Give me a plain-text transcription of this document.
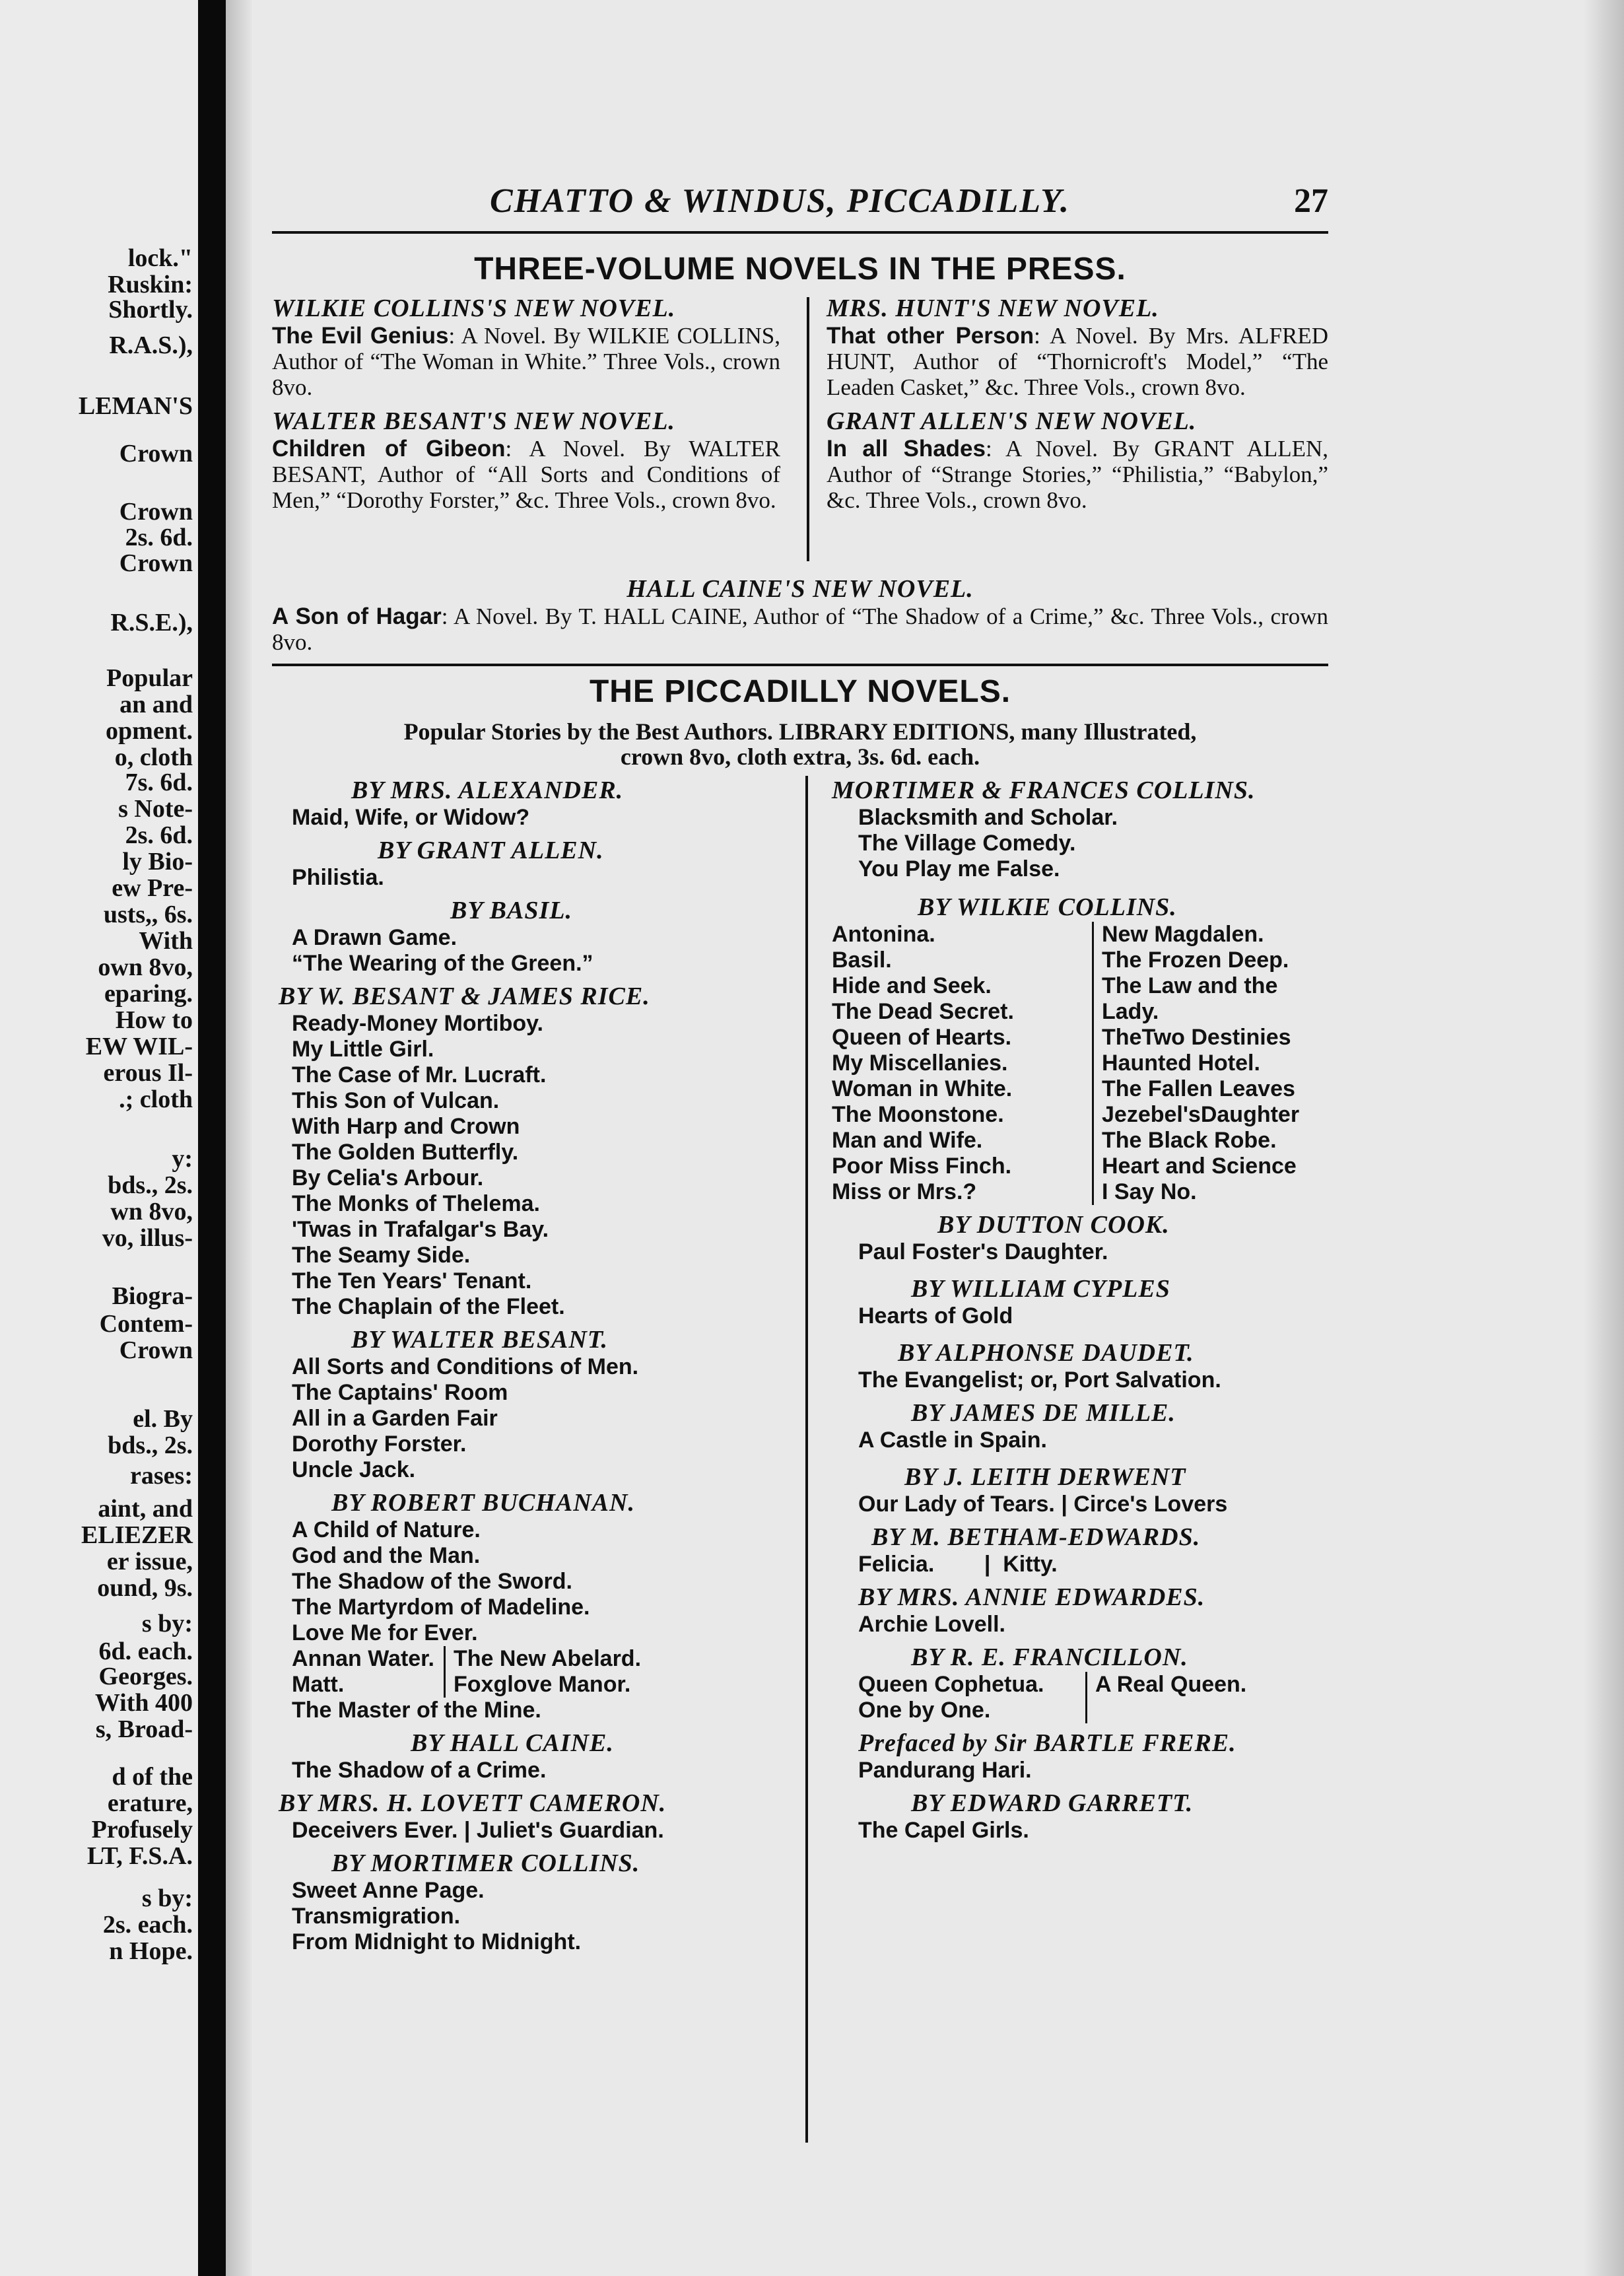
lock."
Ruskin:
Shortly.
R.A.S.),
LEMAN'S
Crown
Crown
2s. 6d.
Crown
R.S.E.),
Popular
an and
opment.
o, cloth
7s. 6d.
s Note-
2s. 6d.
ly Bio-
ew Pre-
usts,, 6s.
With
own 8vo,
eparing.
How to
EW WIL-
erous Il-
.; cloth
y:
bds., 2s.
wn 8vo,
vo, illus-
Biogra-
Contem-
Crown
el. By
bds., 2s.
rases:
aint, and
ELIEZER
er issue,
ound, 9s.
s by:
6d. each.
Georges.
With 400
s, Broad-
d of the
erature,
Profusely
LT, F.S.A.
s by:
2s. each.
n Hope.
CHATTO & WINDUS, PICCADILLY.	27
THREE-VOLUME NOVELS IN THE PRESS.
WILKIE COLLINS'S NEW NOVEL.
The Evil Genius: A Novel. By WILKIE COLLINS, Author of “The Woman in White.” Three Vols., crown 8vo.
WALTER BESANT'S NEW NOVEL.
Children of Gibeon: A Novel. By WALTER BESANT, Author of “All Sorts and Conditions of Men,” “Dorothy Forster,” &c. Three Vols., crown 8vo.
MRS. HUNT'S NEW NOVEL.
That other Person: A Novel. By Mrs. ALFRED HUNT, Author of “Thornicroft's Model,” “The Leaden Casket,” &c. Three Vols., crown 8vo.
GRANT ALLEN'S NEW NOVEL.
In all Shades: A Novel. By GRANT ALLEN, Author of “Strange Stories,” “Philistia,” “Babylon,” &c. Three Vols., crown 8vo.
HALL CAINE'S NEW NOVEL.
A Son of Hagar: A Novel. By T. HALL CAINE, Author of “The Shadow of a Crime,” &c. Three Vols., crown 8vo.
THE PICCADILLY NOVELS.
Popular Stories by the Best Authors. LIBRARY EDITIONS, many Illustrated,
crown 8vo, cloth extra, 3s. 6d. each.
BY MRS. ALEXANDER.
Maid, Wife, or Widow?
BY GRANT ALLEN.
Philistia.
BY BASIL.
A Drawn Game.
“The Wearing of the Green.”
BY W. BESANT & JAMES RICE.
Ready-Money Mortiboy.
My Little Girl.
The Case of Mr. Lucraft.
This Son of Vulcan.
With Harp and Crown
The Golden Butterfly.
By Celia's Arbour.
The Monks of Thelema.
'Twas in Trafalgar's Bay.
The Seamy Side.
The Ten Years' Tenant.
The Chaplain of the Fleet.
BY WALTER BESANT.
All Sorts and Conditions of Men.
The Captains' Room
All in a Garden Fair
Dorothy Forster.
Uncle Jack.
BY ROBERT BUCHANAN.
A Child of Nature.
God and the Man.
The Shadow of the Sword.
The Martyrdom of Madeline.
Love Me for Ever.
Annan Water.
Matt.
The New Abelard.
Foxglove Manor.
The Master of the Mine.
BY HALL CAINE.
The Shadow of a Crime.
BY MRS. H. LOVETT CAMERON.
Deceivers Ever. | Juliet's Guardian.
BY MORTIMER COLLINS.
Sweet Anne Page.
Transmigration.
From Midnight to Midnight.
MORTIMER & FRANCES COLLINS.
Blacksmith and Scholar.
The Village Comedy.
You Play me False.
BY WILKIE COLLINS.
Antonina.
Basil.
Hide and Seek.
The Dead Secret.
Queen of Hearts.
My Miscellanies.
Woman in White.
The Moonstone.
Man and Wife.
Poor Miss Finch.
Miss or Mrs.?
New Magdalen.
The Frozen Deep.
The Law and the
Lady.
TheTwo Destinies
Haunted Hotel.
The Fallen Leaves
Jezebel'sDaughter
The Black Robe.
Heart and Science
I Say No.
BY DUTTON COOK.
Paul Foster's Daughter.
BY WILLIAM CYPLES
Hearts of Gold
BY ALPHONSE DAUDET.
The Evangelist; or, Port Salvation.
BY JAMES DE MILLE.
A Castle in Spain.
BY J. LEITH DERWENT
Our Lady of Tears. | Circe's Lovers
BY M. BETHAM-EDWARDS.
Felicia.        |  Kitty.
BY MRS. ANNIE EDWARDES.
Archie Lovell.
BY R. E. FRANCILLON.
Queen Cophetua.
One by One.
A Real Queen.
Prefaced by Sir BARTLE FRERE.
Pandurang Hari.
BY EDWARD GARRETT.
The Capel Girls.
